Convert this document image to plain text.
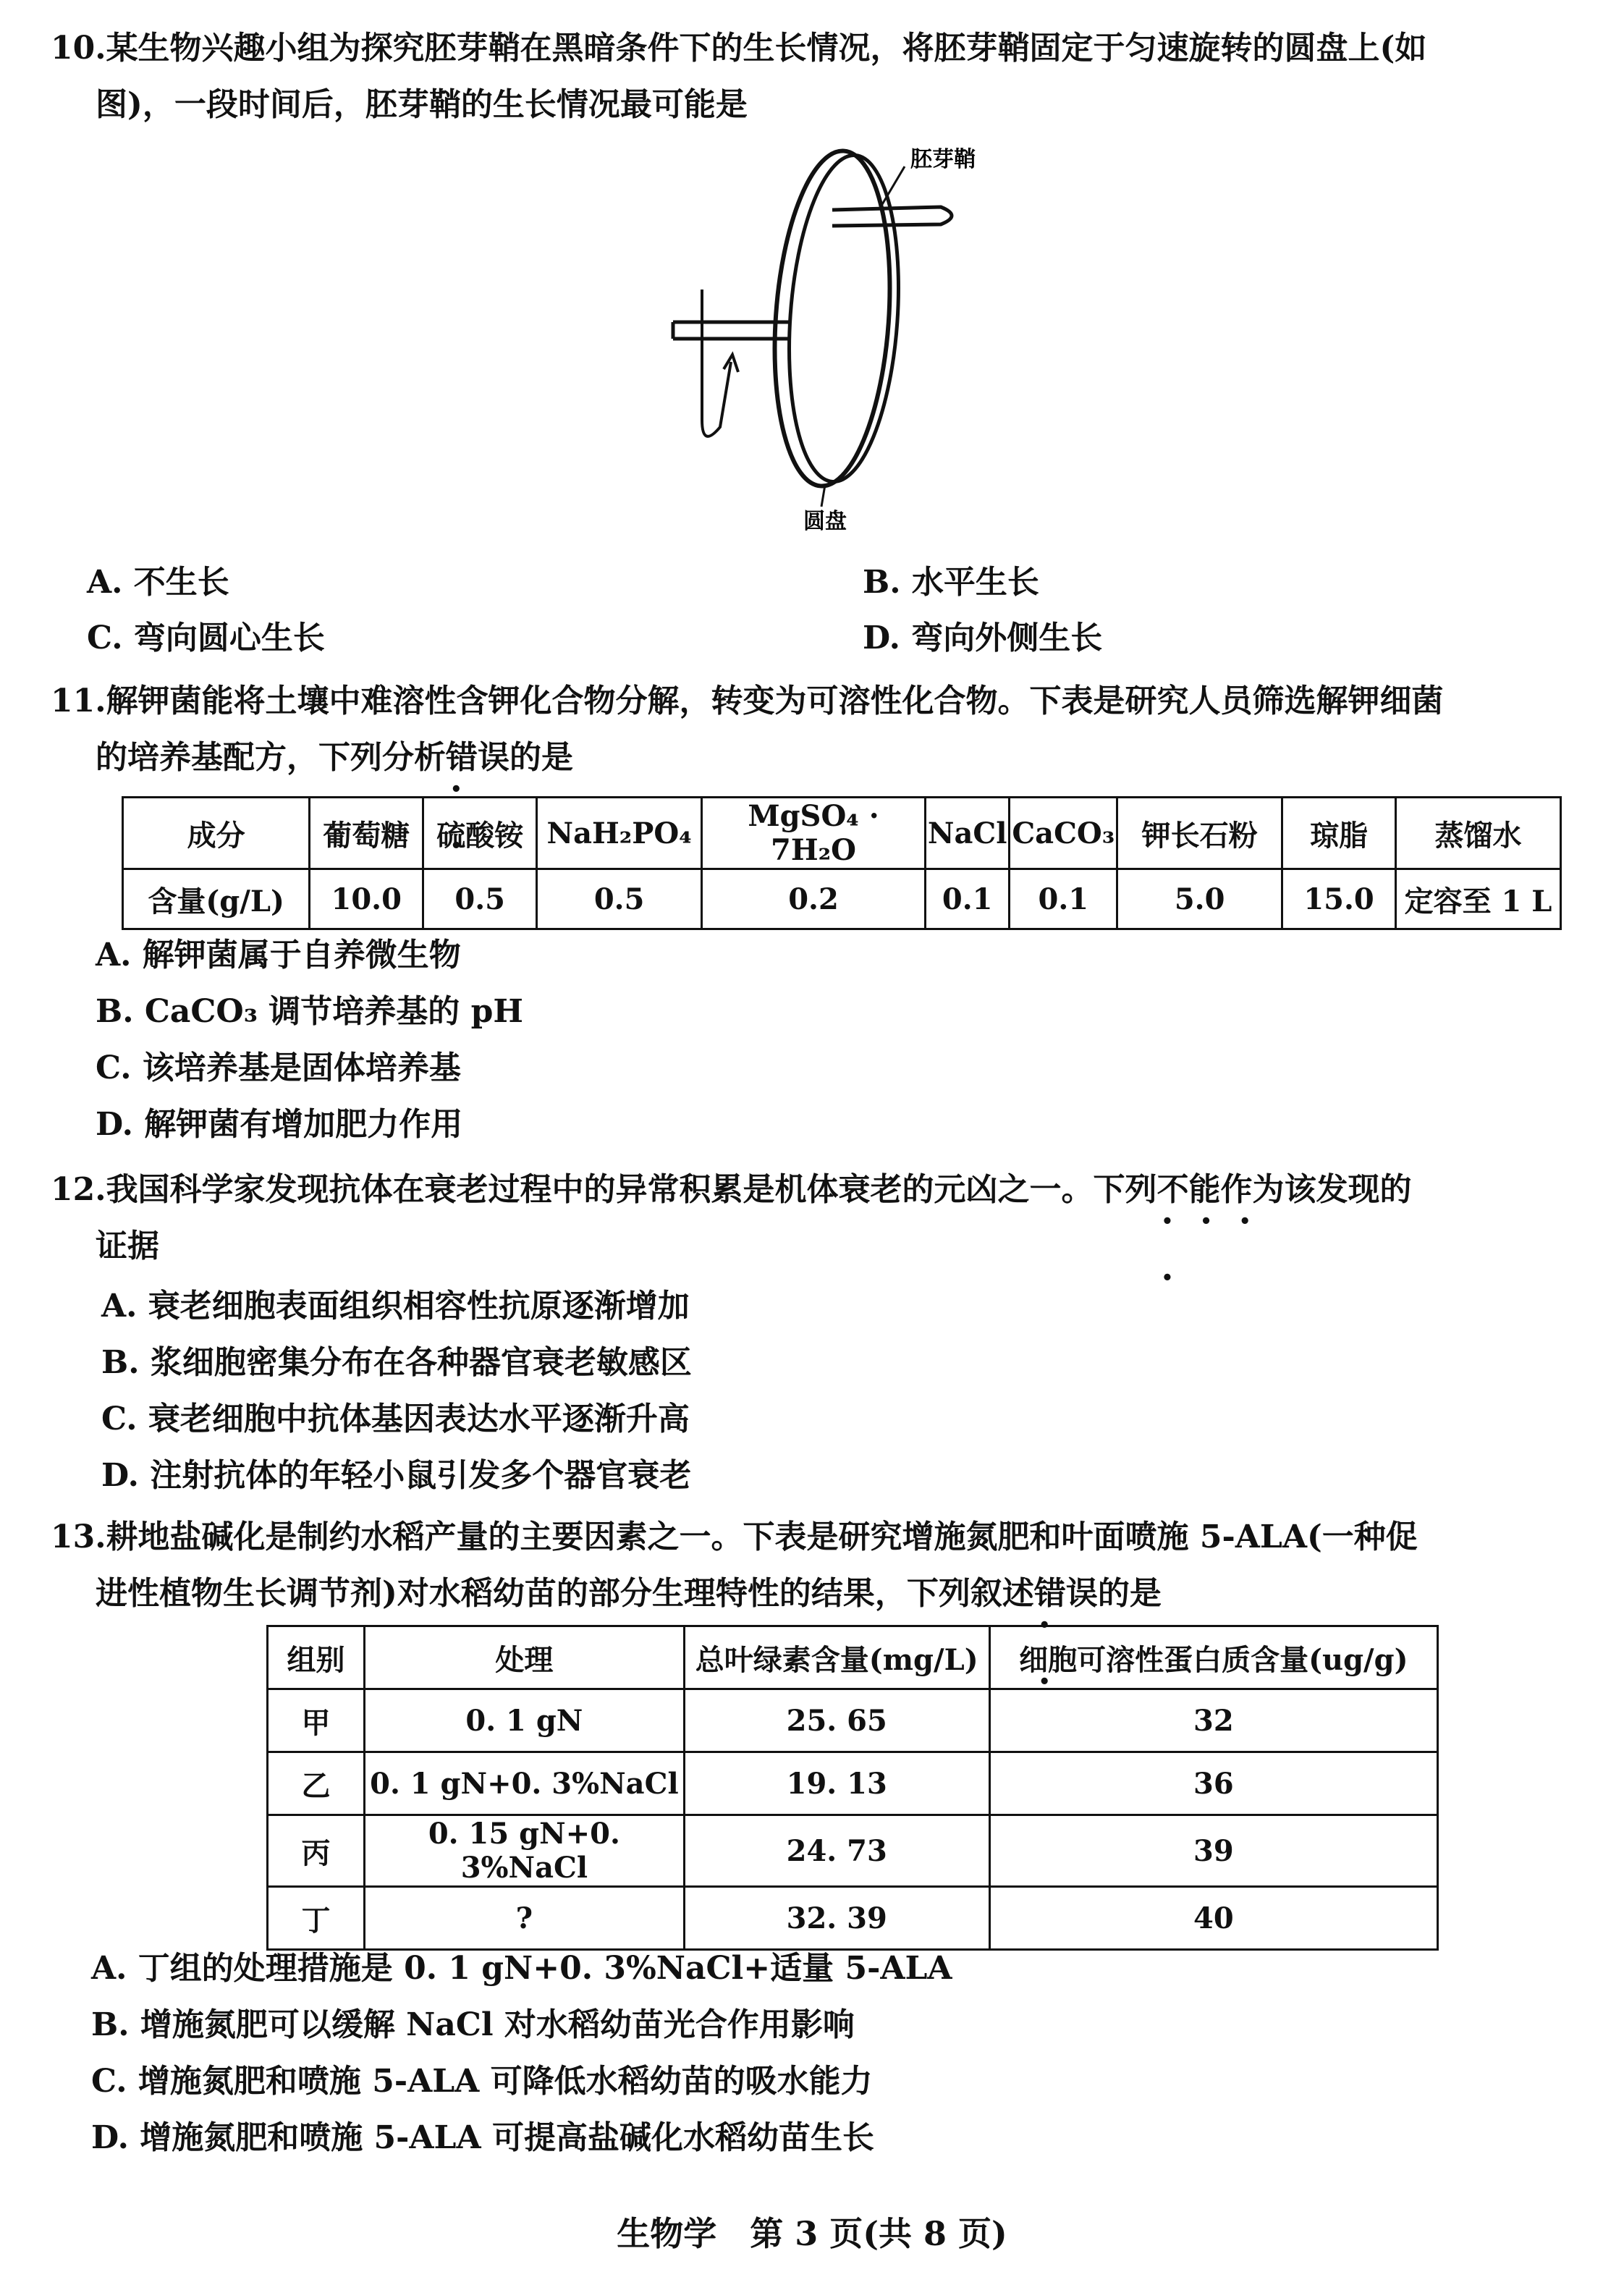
10.某生物兴趣小组为探究胚芽鞘在黑暗条件下的生长情况，将胚芽鞘固定于匀速旋转的圆盘上(如
图)，一段时间后，胚芽鞘的生长情况最可能是
胚芽鞘
圆盘
A. 不生长	B. 水平生长
C. 弯向圆心生长	D. 弯向外侧生长
11.解钾菌能将土壤中难溶性含钾化合物分解，转变为可溶性化合物。下表是研究人员筛选解钾细菌
的培养基配方，下列分析错误 • •的是
成分	葡萄糖	硫酸铵	NaH₂PO₄	MgSO₄ · 7H₂O	NaCl	CaCO₃	钾长石粉	琼脂	蒸馏水
含量(g/L)	10.0	0.5	0.5	0.2	0.1	0.1	5.0	15.0	定容至 1 L
A. 解钾菌属于自养微生物
B. CaCO₃ 调节培养基的 pH
C. 该培养基是固体培养基
D. 解钾菌有增加肥力作用
12.我国科学家发现抗体在衰老过程中的异常积累是机体衰老的元凶之一。下列不能作为 • • • •该发现的
证据
A. 衰老细胞表面组织相容性抗原逐渐增加
B. 浆细胞密集分布在各种器官衰老敏感区
C. 衰老细胞中抗体基因表达水平逐渐升高
D. 注射抗体的年轻小鼠引发多个器官衰老
13.耕地盐碱化是制约水稻产量的主要因素之一。下表是研究增施氮肥和叶面喷施 5-ALA(一种促
进性植物生长调节剂)对水稻幼苗的部分生理特性的结果，下列叙述错误 • •的是
组别	处理	总叶绿素含量(mg/L)	细胞可溶性蛋白质含量(ug/g)
甲	0. 1 gN	25. 65	32
乙	0. 1 gN+0. 3%NaCl	19. 13	36
丙	0. 15 gN+0. 3%NaCl	24. 73	39
丁	?	32. 39	40
A. 丁组的处理措施是 0. 1 gN+0. 3%NaCl+适量 5-ALA
B. 增施氮肥可以缓解 NaCl 对水稻幼苗光合作用影响
C. 增施氮肥和喷施 5-ALA 可降低水稻幼苗的吸水能力
D. 增施氮肥和喷施 5-ALA 可提高盐碱化水稻幼苗生长
生物学　第 3 页(共 8 页)
